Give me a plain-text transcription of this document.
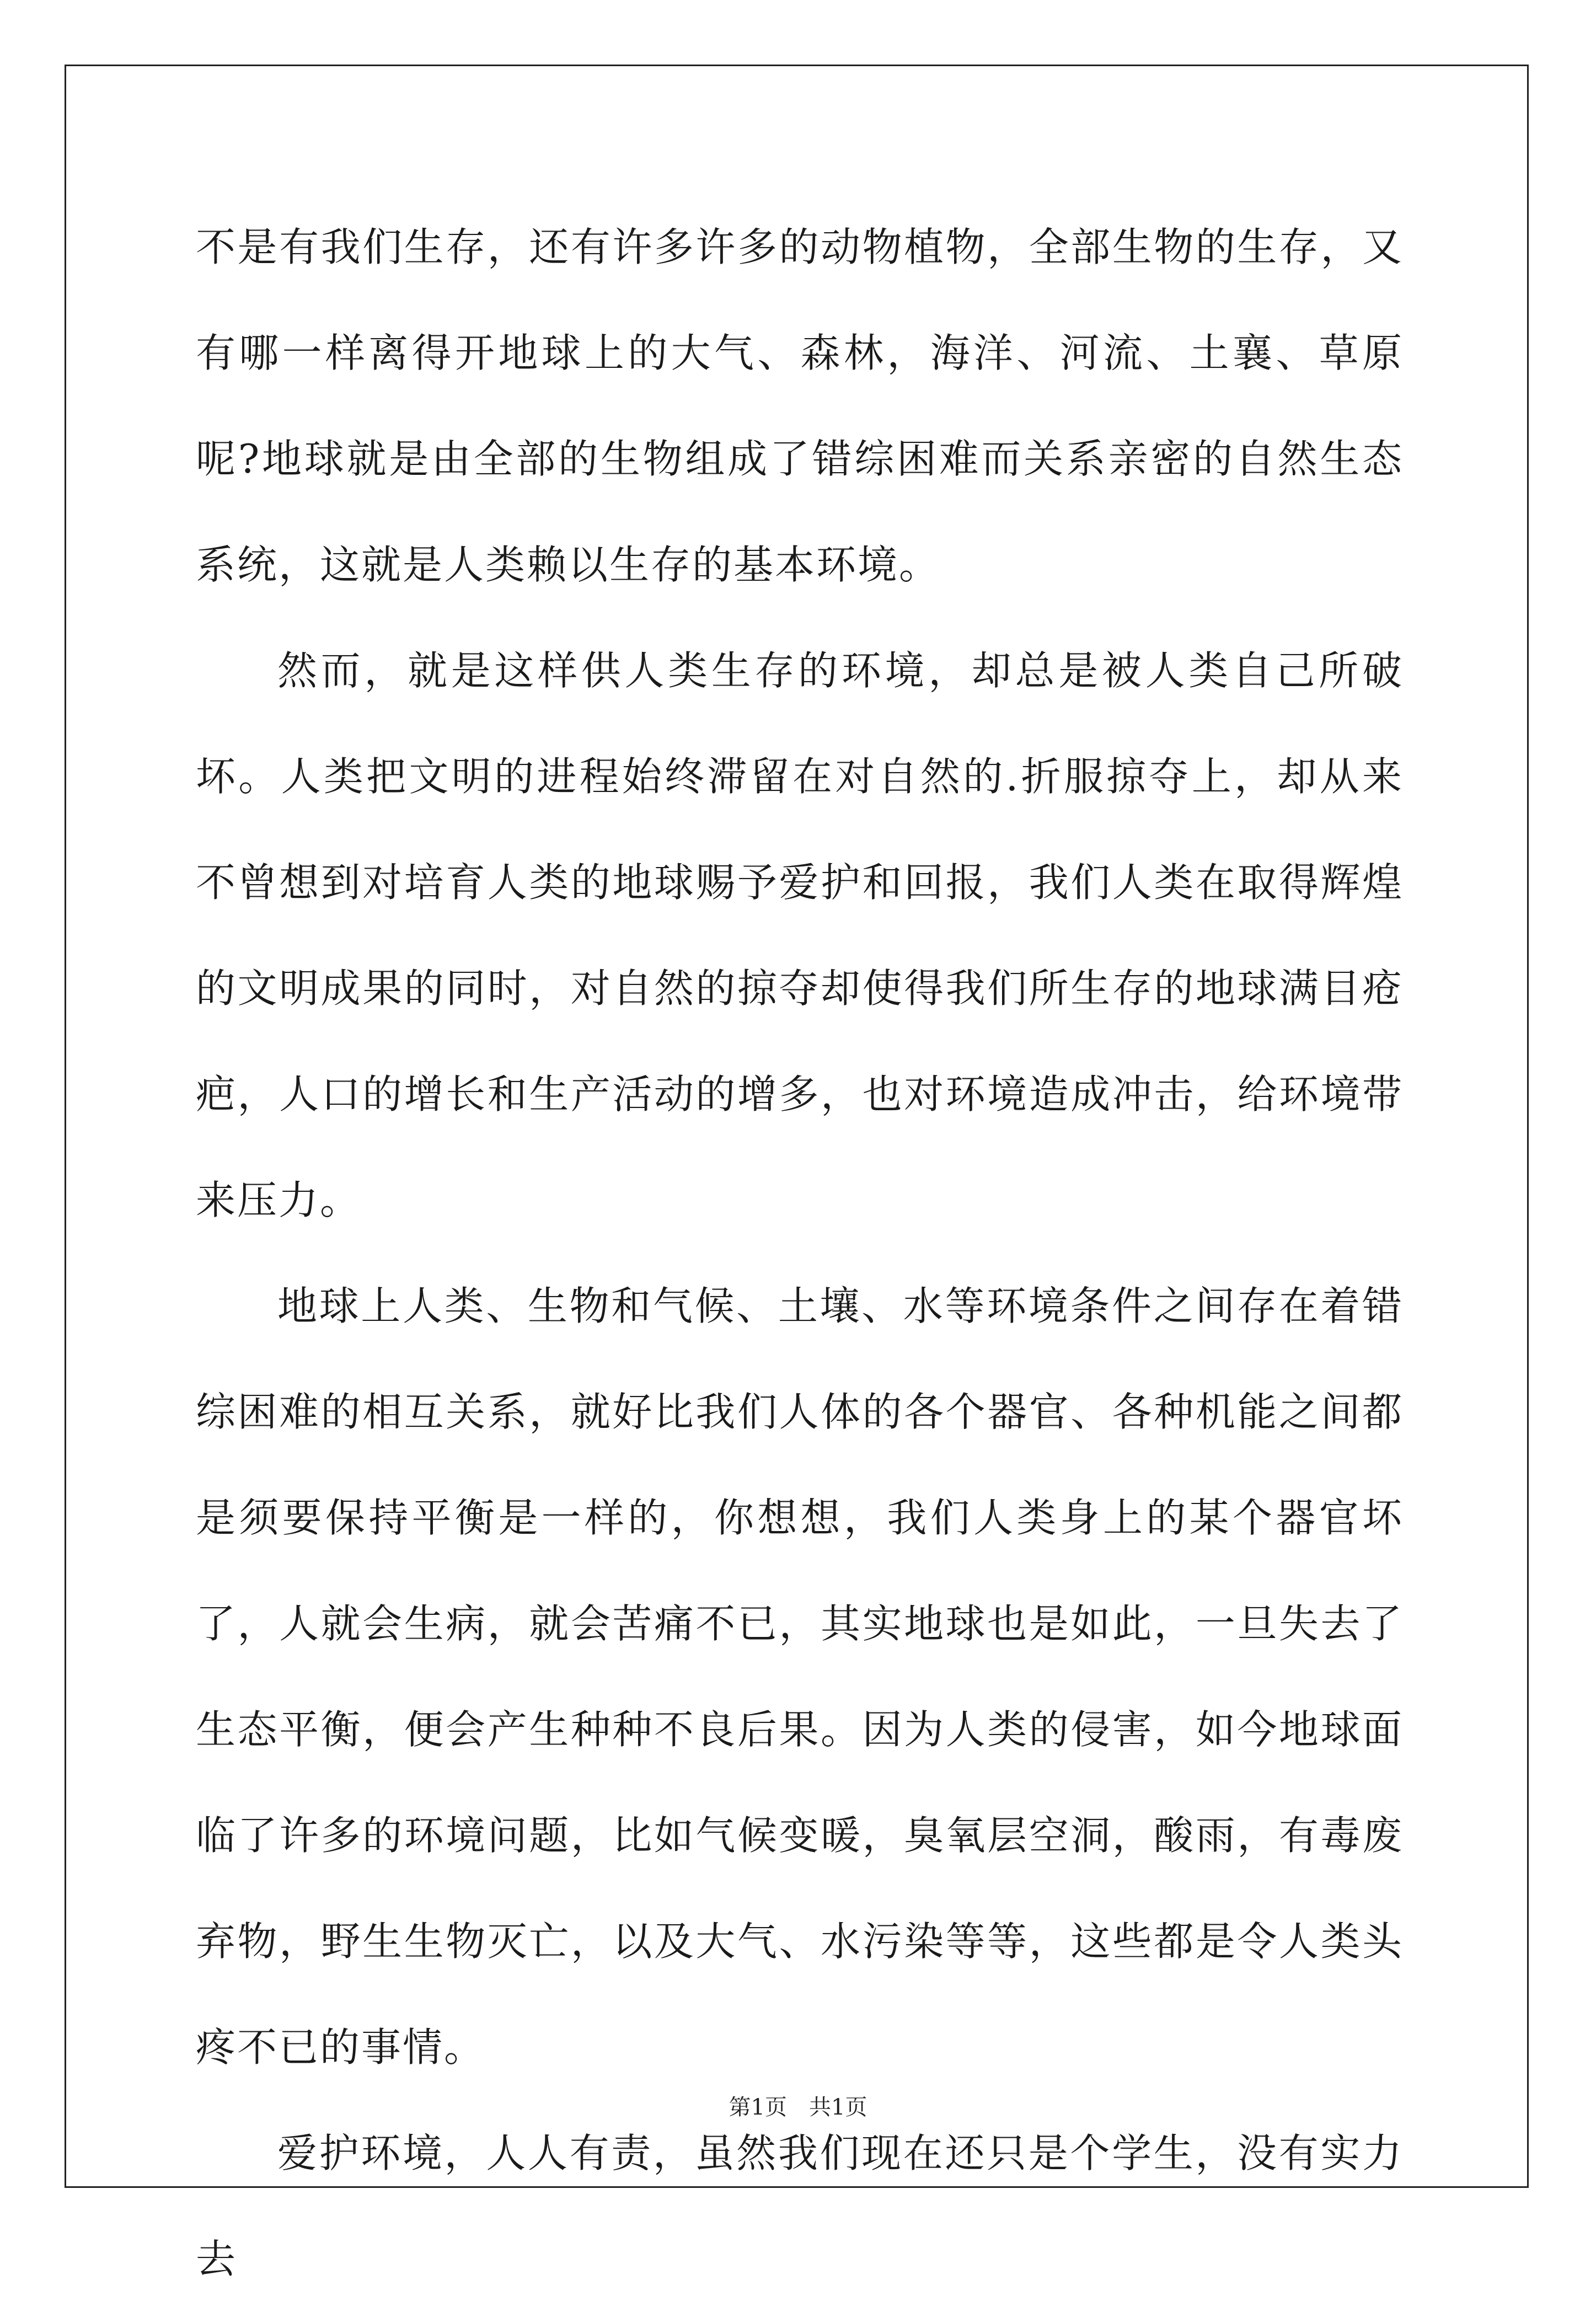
不是有我们生存，还有许多许多的动物植物，全部生物的生存，又有哪一样离得开地球上的大气、森林，海洋、河流、土襄、草原呢?地球就是由全部的生物组成了错综困难而关系亲密的自然生态系统，这就是人类赖以生存的基本环境。

然而，就是这样供人类生存的环境，却总是被人类自己所破坏。人类把文明的进程始终滞留在对自然的.折服掠夺上，却从来不曾想到对培育人类的地球赐予爱护和回报，我们人类在取得辉煌的文明成果的同时，对自然的掠夺却使得我们所生存的地球满目疮疤，人口的增长和生产活动的增多，也对环境造成冲击，给环境带来压力。

地球上人类、生物和气候、土壤、水等环境条件之间存在着错综困难的相互关系，就好比我们人体的各个器官、各种机能之间都是须要保持平衡是一样的，你想想，我们人类身上的某个器官坏了，人就会生病，就会苦痛不已，其实地球也是如此，一旦失去了生态平衡，便会产生种种不良后果。因为人类的侵害，如今地球面临了许多的环境问题，比如气候变暖，臭氧层空洞，酸雨，有毒废弃物，野生生物灭亡，以及大气、水污染等等，这些都是令人类头疼不已的事情。

爱护环境，人人有责，虽然我们现在还只是个学生，没有实力去

第1页 共1页
